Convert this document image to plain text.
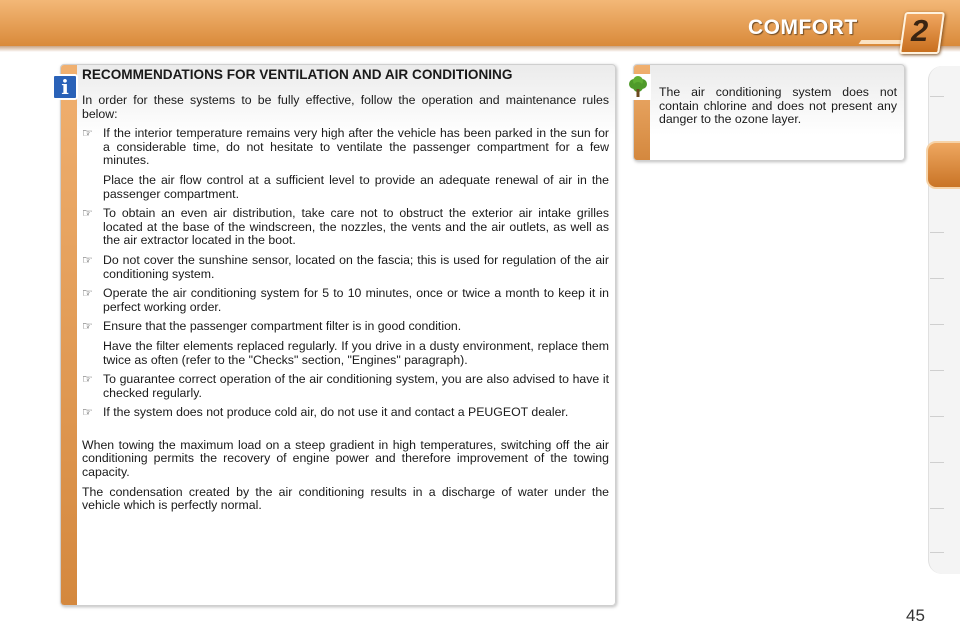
COMFORT 2
i
RECOMMENDATIONS FOR VENTILATION AND AIR CONDITIONING

In order for these systems to be fully effective, follow the operation and maintenance rules below:

☞ If the interior temperature remains very high after the vehicle has been parked in the sun for a considerable time, do not hesitate to ventilate the passenger compartment for a few minutes.
Place the air flow control at a sufficient level to provide an adequate renewal of air in the passenger compartment.
☞ To obtain an even air distribution, take care not to obstruct the exterior air intake grilles located at the base of the windscreen, the nozzles, the vents and the air outlets, as well as the air extractor located in the boot.
☞ Do not cover the sunshine sensor, located on the fascia; this is used for regulation of the air conditioning system.
☞ Operate the air conditioning system for 5 to 10 minutes, once or twice a month to keep it in perfect working order.
☞ Ensure that the passenger compartment filter is in good condition.
Have the filter elements replaced regularly. If you drive in a dusty environment, replace them twice as often (refer to the "Checks" section, "Engines" paragraph).
☞ To guarantee correct operation of the air conditioning system, you are also advised to have it checked regularly.
☞ If the system does not produce cold air, do not use it and contact a PEUGEOT dealer.

When towing the maximum load on a steep gradient in high temperatures, switching off the air conditioning permits the recovery of engine power and therefore improvement of the towing capacity.

The condensation created by the air conditioning results in a discharge of water under the vehicle which is perfectly normal.

The air conditioning system does not contain chlorine and does not present any danger to the ozone layer.
45
